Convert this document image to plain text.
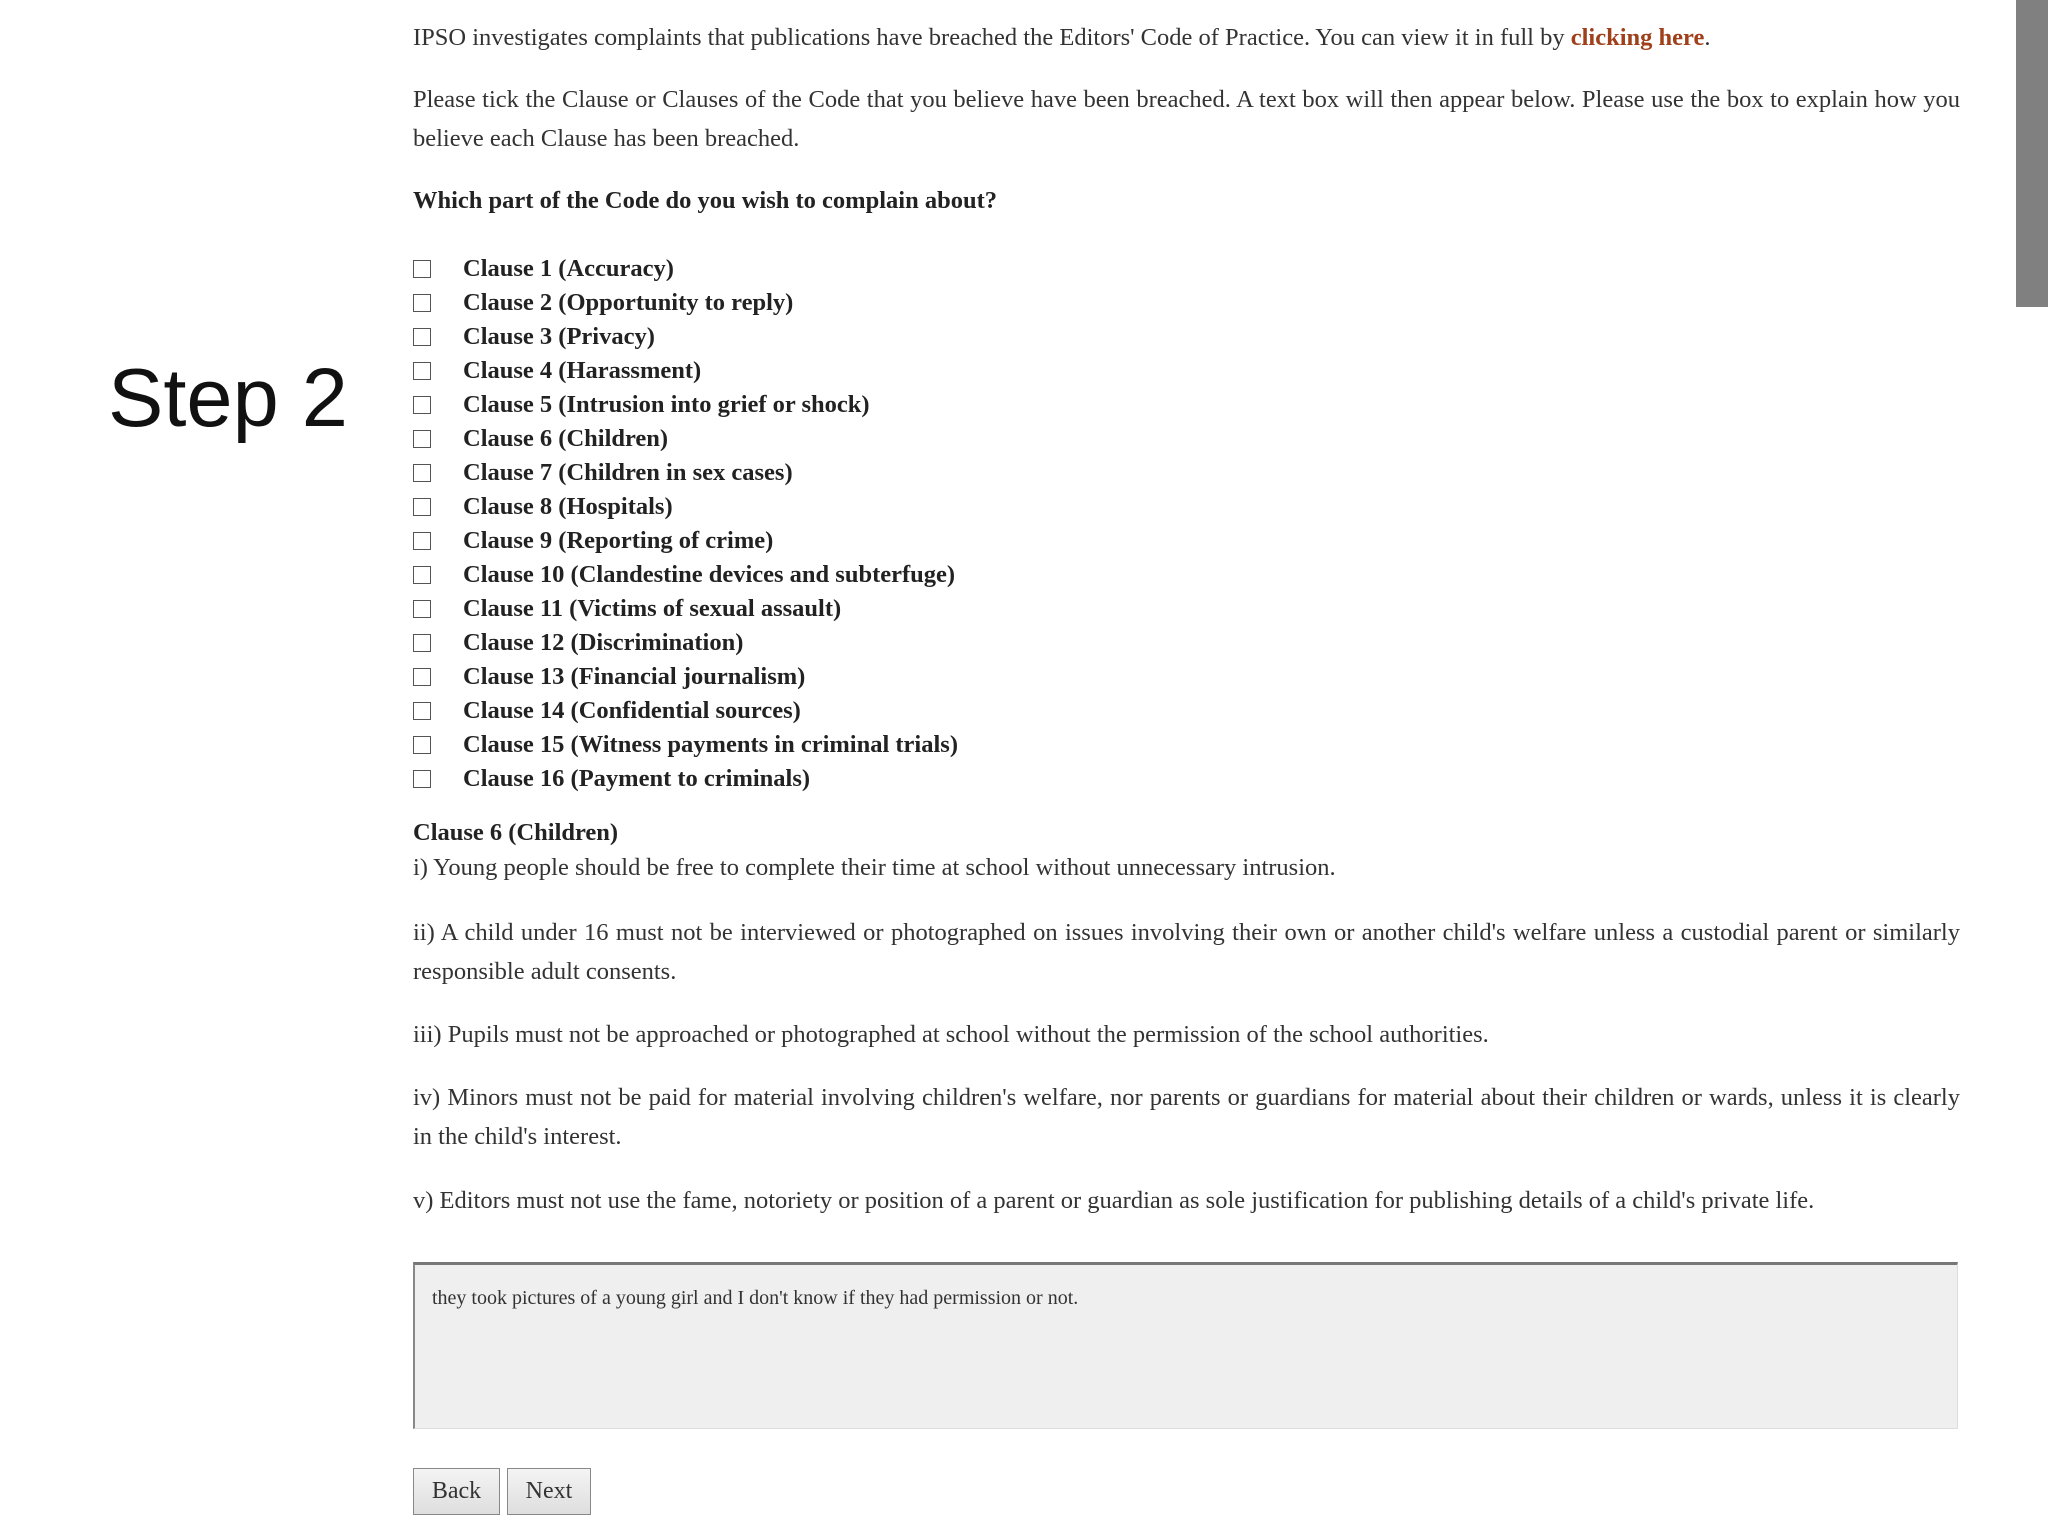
Step 2

IPSO investigates complaints that publications have breached the Editors' Code of Practice. You can view it in full by clicking here.

Please tick the Clause or Clauses of the Code that you believe have been breached. A text box will then appear below. Please use the box to explain how you believe each Clause has been breached.

Which part of the Code do you wish to complain about?
Clause 1 (Accuracy)
Clause 2 (Opportunity to reply)
Clause 3 (Privacy)
Clause 4 (Harassment)
Clause 5 (Intrusion into grief or shock)
Clause 6 (Children)
Clause 7 (Children in sex cases)
Clause 8 (Hospitals)
Clause 9 (Reporting of crime)
Clause 10 (Clandestine devices and subterfuge)
Clause 11 (Victims of sexual assault)
Clause 12 (Discrimination)
Clause 13 (Financial journalism)
Clause 14 (Confidential sources)
Clause 15 (Witness payments in criminal trials)
Clause 16 (Payment to criminals)
Clause 6 (Children)

i) Young people should be free to complete their time at school without unnecessary intrusion.

ii) A child under 16 must not be interviewed or photographed on issues involving their own or another child's welfare unless a custodial parent or similarly responsible adult consents.

iii) Pupils must not be approached or photographed at school without the permission of the school authorities.

iv) Minors must not be paid for material involving children's welfare, nor parents or guardians for material about their children or wards, unless it is clearly in the child's interest.

v) Editors must not use the fame, notoriety or position of a parent or guardian as sole justification for publishing details of a child's private life.

they took pictures of a young girl and I don't know if they had permission or not.
Back	Next
